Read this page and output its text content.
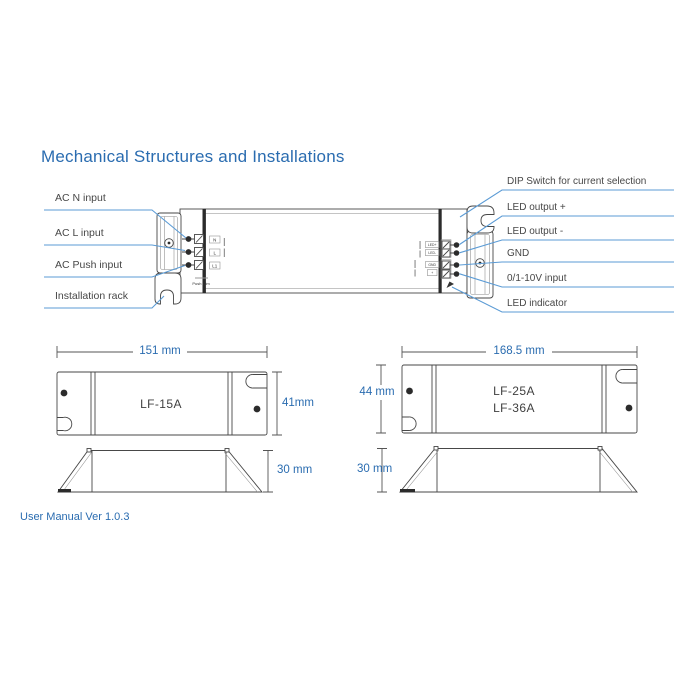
Mechanical Structures and Installations
N
L
L1
Push Dim
LED+
LED-
GND
+
AC N input
AC L input
AC Push input
Installation rack
DIP Switch for current selection
LED output +
LED output -
GND
0/1-10V input
LED indicator
151 mm
41mm
30 mm
LF-15A
168.5 mm
44 mm
30 mm
LF-25A
LF-36A
User Manual Ver 1.0.3
